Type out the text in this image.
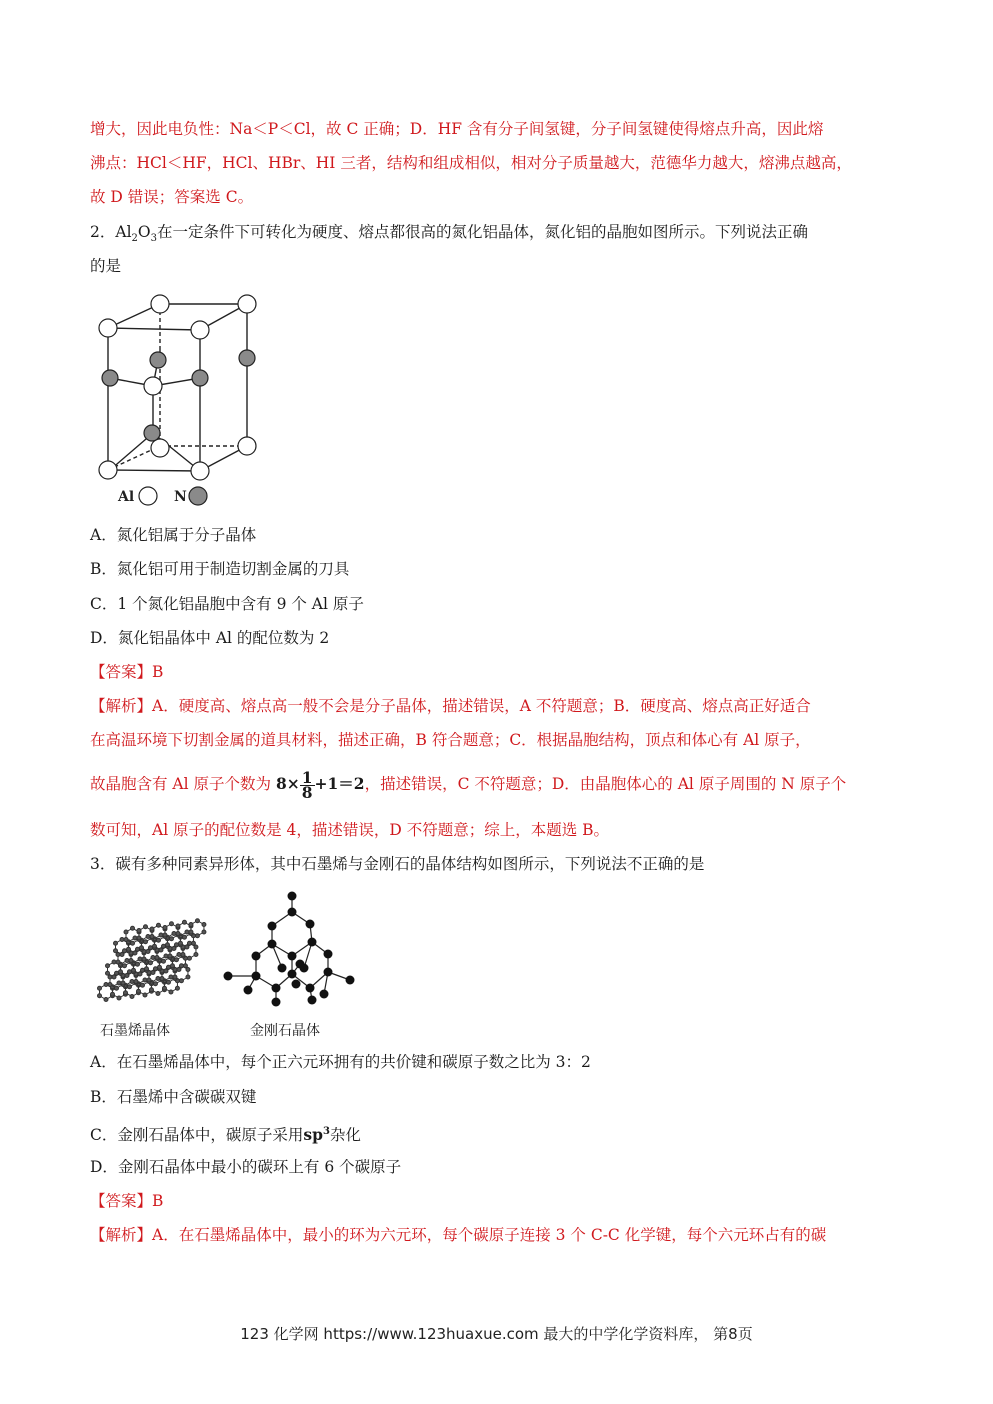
增大，因此电负性：Na＜P＜Cl，故 C 正确；D．HF 含有分子间氢键，分子间氢键使得熔点升高，因此熔
沸点：HCl＜HF，HCl、HBr、HI 三者，结构和组成相似，相对分子质量越大，范德华力越大，熔沸点越高，
故 D 错误；答案选 C。
2．$Al_2O_3$在一定条件下可转化为硬度、熔点都很高的氮化铝晶体，氮化铝的晶胞如图所示。下列说法正确
的是
Al	N
A．氮化铝属于分子晶体
B．氮化铝可用于制造切割金属的刀具
C．1 个氮化铝晶胞中含有 9 个 Al 原子
D．氮化铝晶体中 Al 的配位数为 2
【答案】B
【解析】A．硬度高、熔点高一般不会是分子晶体，描述错误，A 不符题意；B．硬度高、熔点高正好适合
在高温环境下切割金属的道具材料，描述正确，B 符合题意；C．根据晶胞结构，顶点和体心有 Al 原子，
故晶胞含有 Al 原子个数为 $8\times \frac{1}{8} +1=2$，描述错误，C 不符题意；D．由晶胞体心的 Al 原子周围的 N 原子个
数可知，Al 原子的配位数是 4，描述错误，D 不符题意；综上，本题选 B。
3．碳有多种同素异形体，其中石墨烯与金刚石的晶体结构如图所示，下列说法不正确的是
石墨烯晶体	金刚石晶体
A．在石墨烯晶体中，每个正六元环拥有的共价键和碳原子数之比为 3：2
B．石墨烯中含碳碳双键
C．金刚石晶体中，碳原子采用$sp^3$杂化
D．金刚石晶体中最小的碳环上有 6 个碳原子
【答案】B
【解析】A．在石墨烯晶体中，最小的环为六元环，每个碳原子连接 3 个 C-C 化学键，每个六元环占有的碳
123 化学网 https://www.123huaxue.com 最大的中学化学资料库， 第8页
